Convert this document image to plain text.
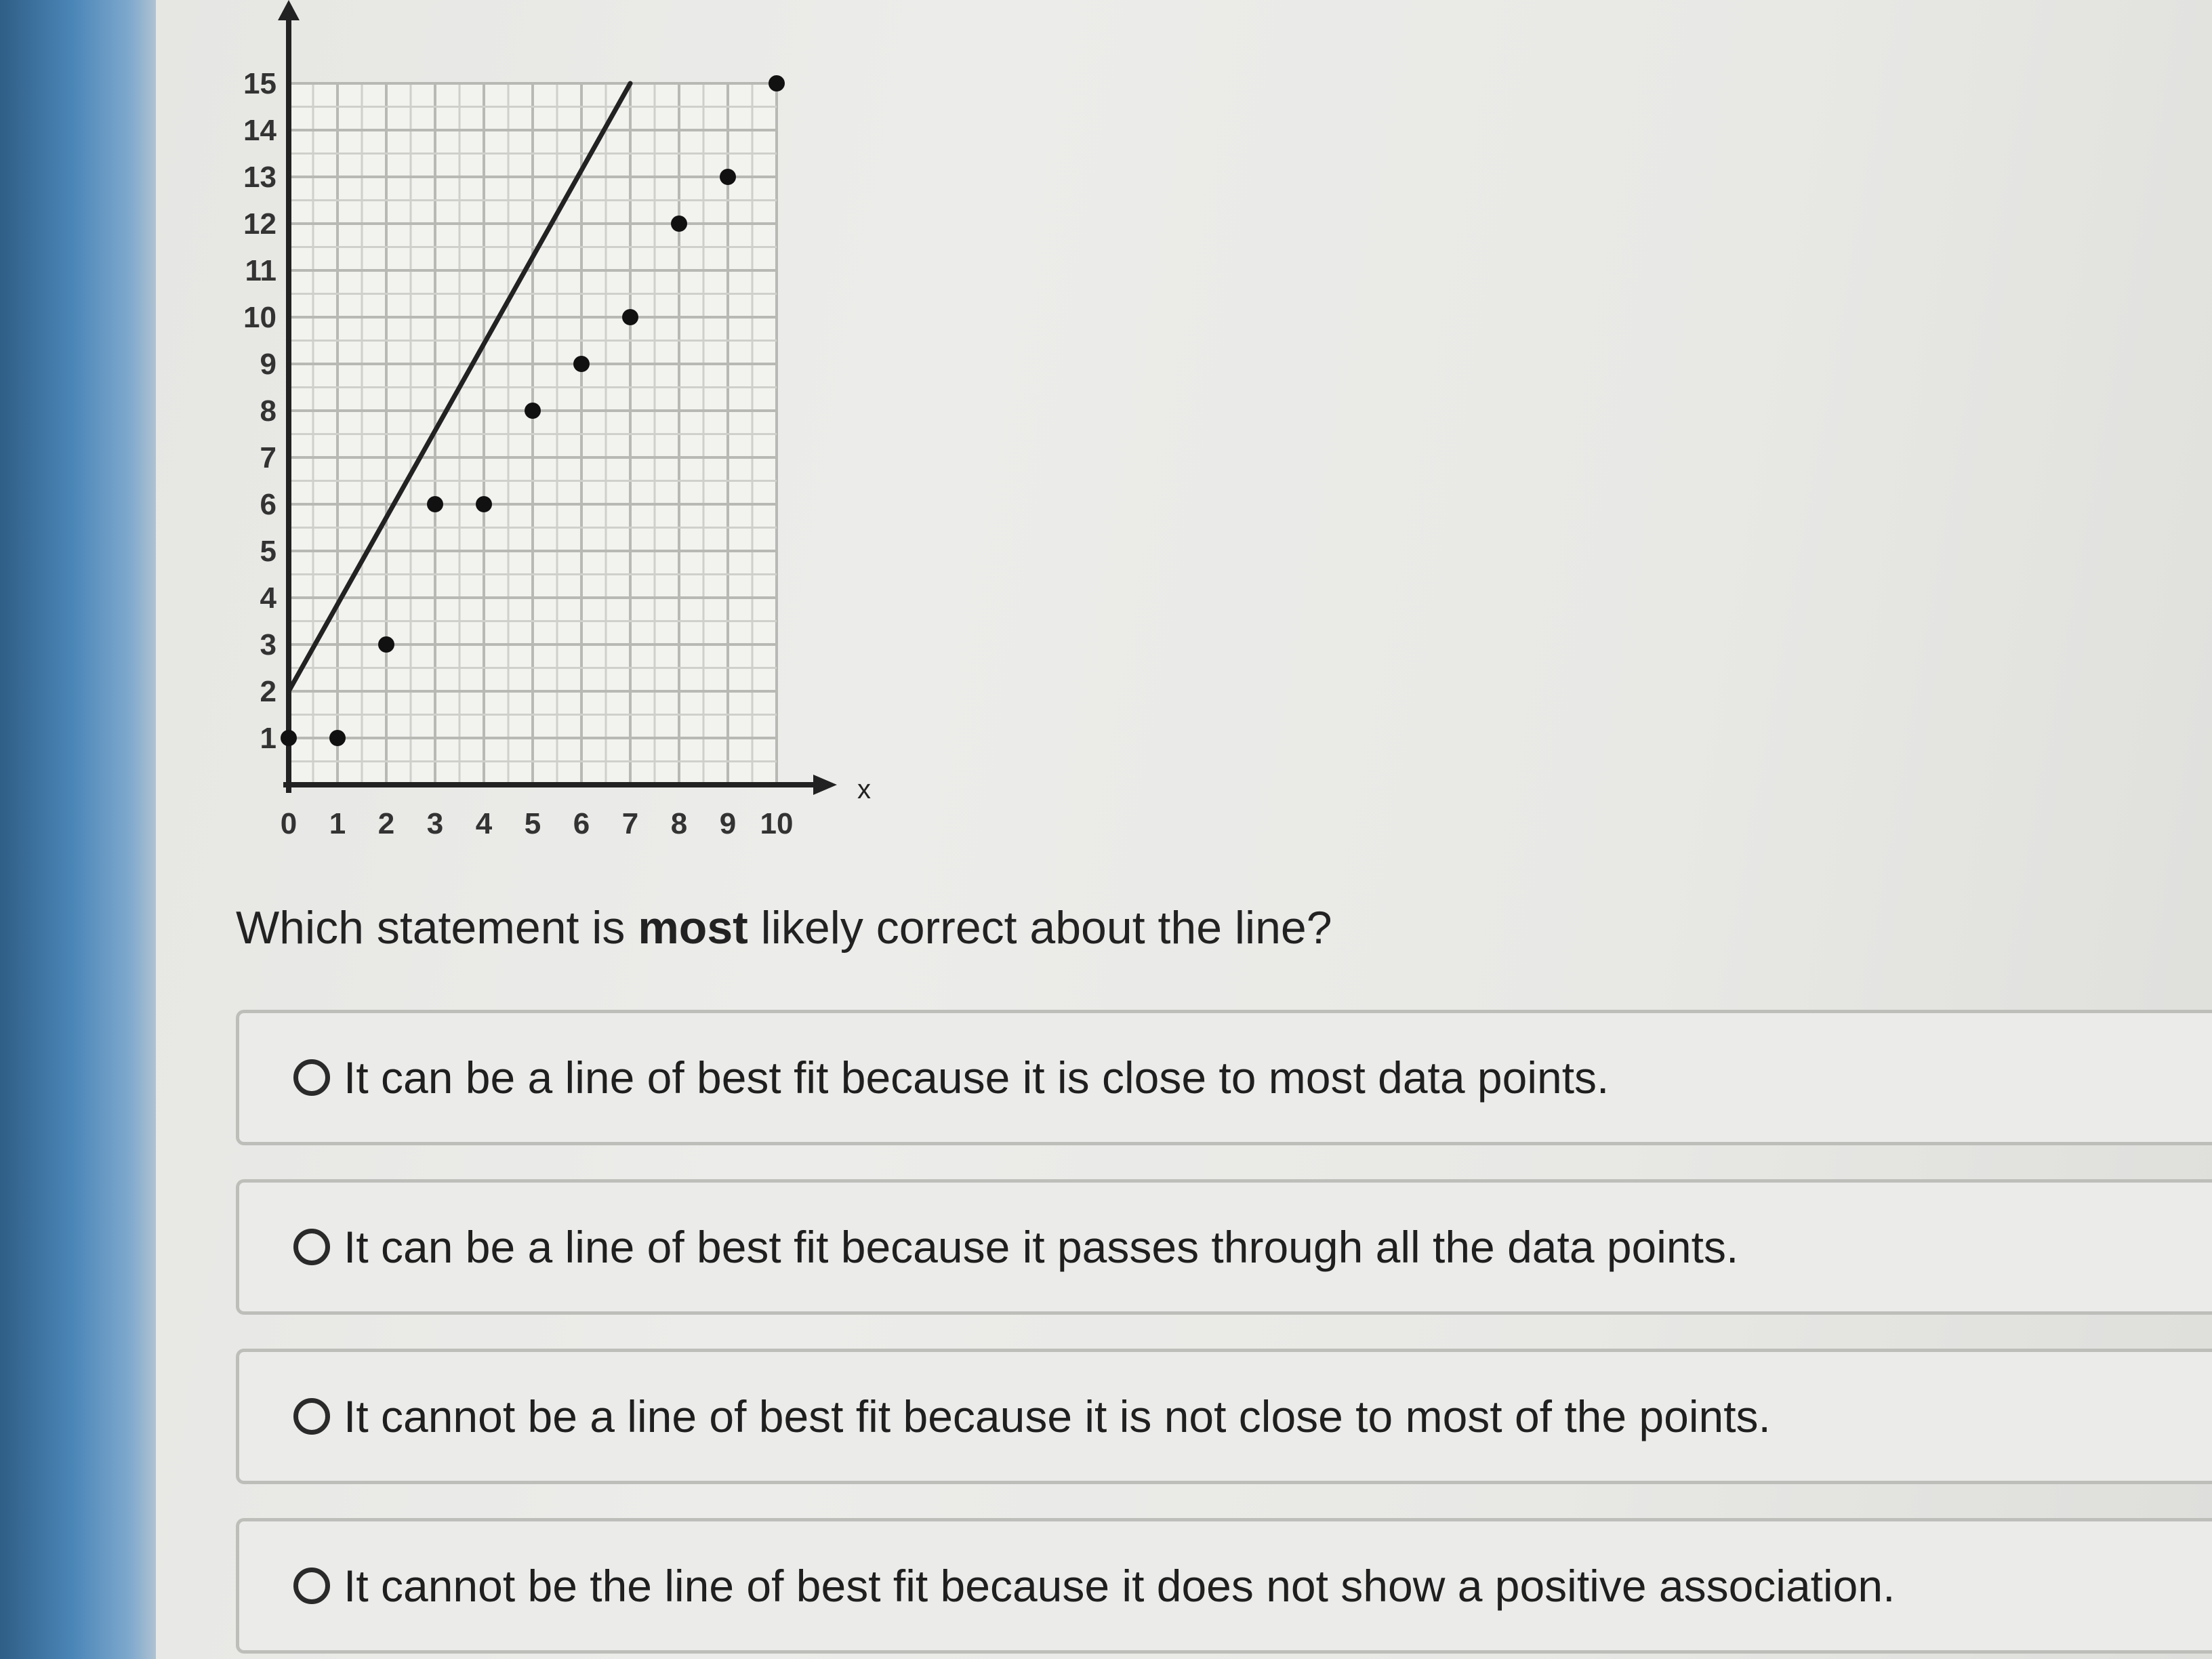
x
0 1 2 3 4 5 6 7 8 9 10
1
2
3
4
5
6
7
8
9
10
11
12
13
14
15
Which statement is most likely correct about the line?
It can be a line of best fit because it is close to most data points.
It can be a line of best fit because it passes through all the data points.
It cannot be a line of best fit because it is not close to most of the points.
It cannot be the line of best fit because it does not show a positive association.
